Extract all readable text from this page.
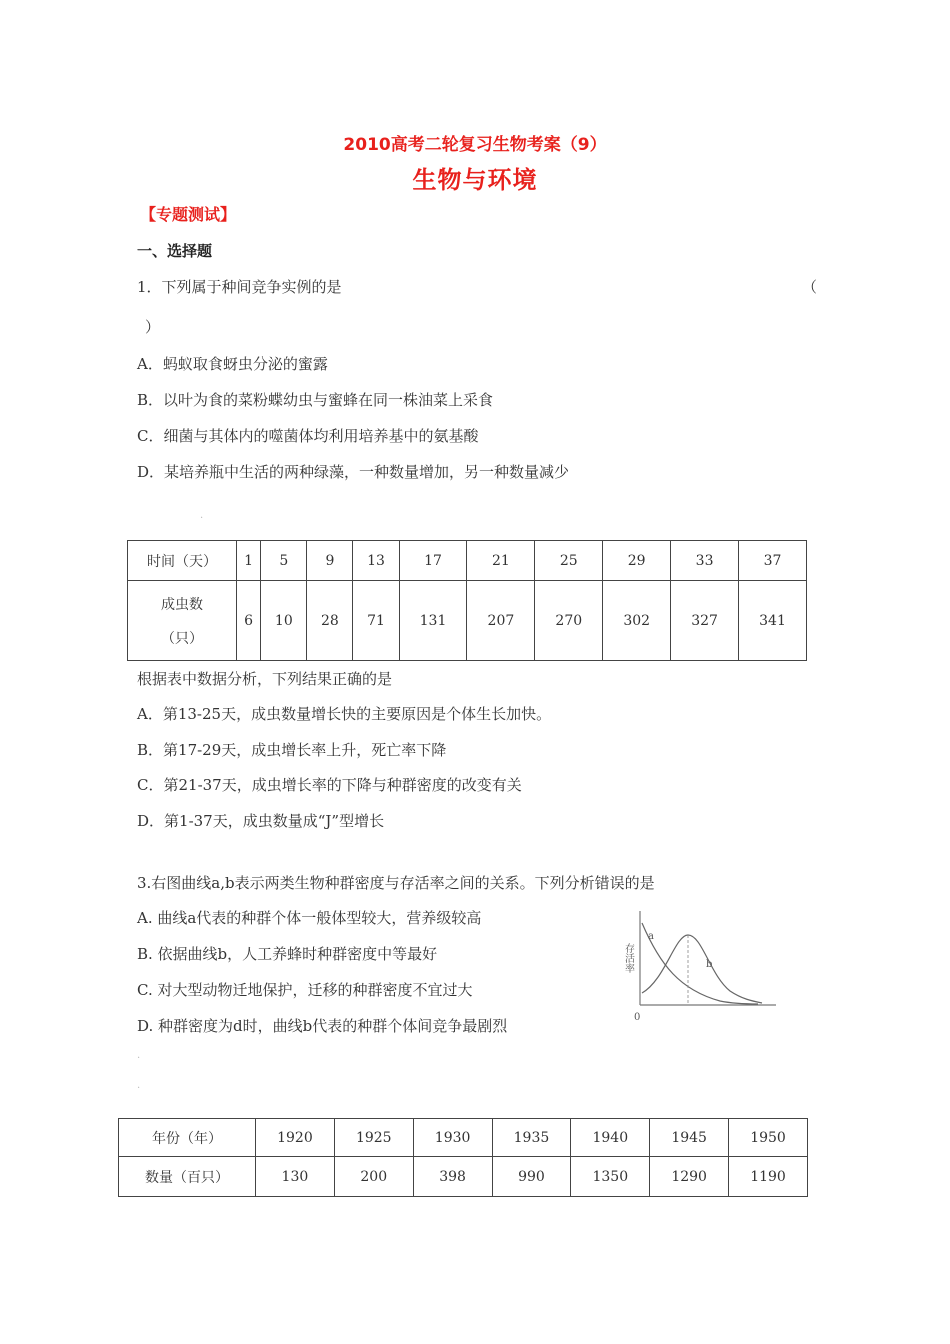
2010高考二轮复习生物考案（9）
生物与环境
【专题测试】
一、选择题
1．下列属于种间竞争实例的是	（
）
A．蚂蚁取食蚜虫分泌的蜜露
B．以叶为食的菜粉蝶幼虫与蜜蜂在同一株油菜上采食
C．细菌与其体内的噬菌体均利用培养基中的氨基酸
D．某培养瓶中生活的两种绿藻，一种数量增加，另一种数量减少
.
时间（天）	1	5	9	13	17	21	25	29	33	37

成虫数
（只）	6	10	28	71	131	207	270	302	327	341
根据表中数据分析，下列结果正确的是
A．第13-25天，成虫数量增长快的主要原因是个体生长加快。
B．第17-29天，成虫增长率上升，死亡率下降
C．第21-37天，成虫增长率的下降与种群密度的改变有关
D．第1-37天，成虫数量成“J”型增长
3.右图曲线a,b表示两类生物种群密度与存活率之间的关系。下列分析错误的是
A. 曲线a代表的种群个体一般体型较大，营养级较高
B. 依据曲线b，人工养蜂时种群密度中等最好
C. 对大型动物迁地保护，迁移的种群密度不宜过大
D. 种群密度为d时，曲线b代表的种群个体间竞争最剧烈
存活率
a
b
0
.
.
年份（年）	1920	1925	1930	1935	1940	1945	1950
数量（百只）	130	200	398	990	1350	1290	1190
